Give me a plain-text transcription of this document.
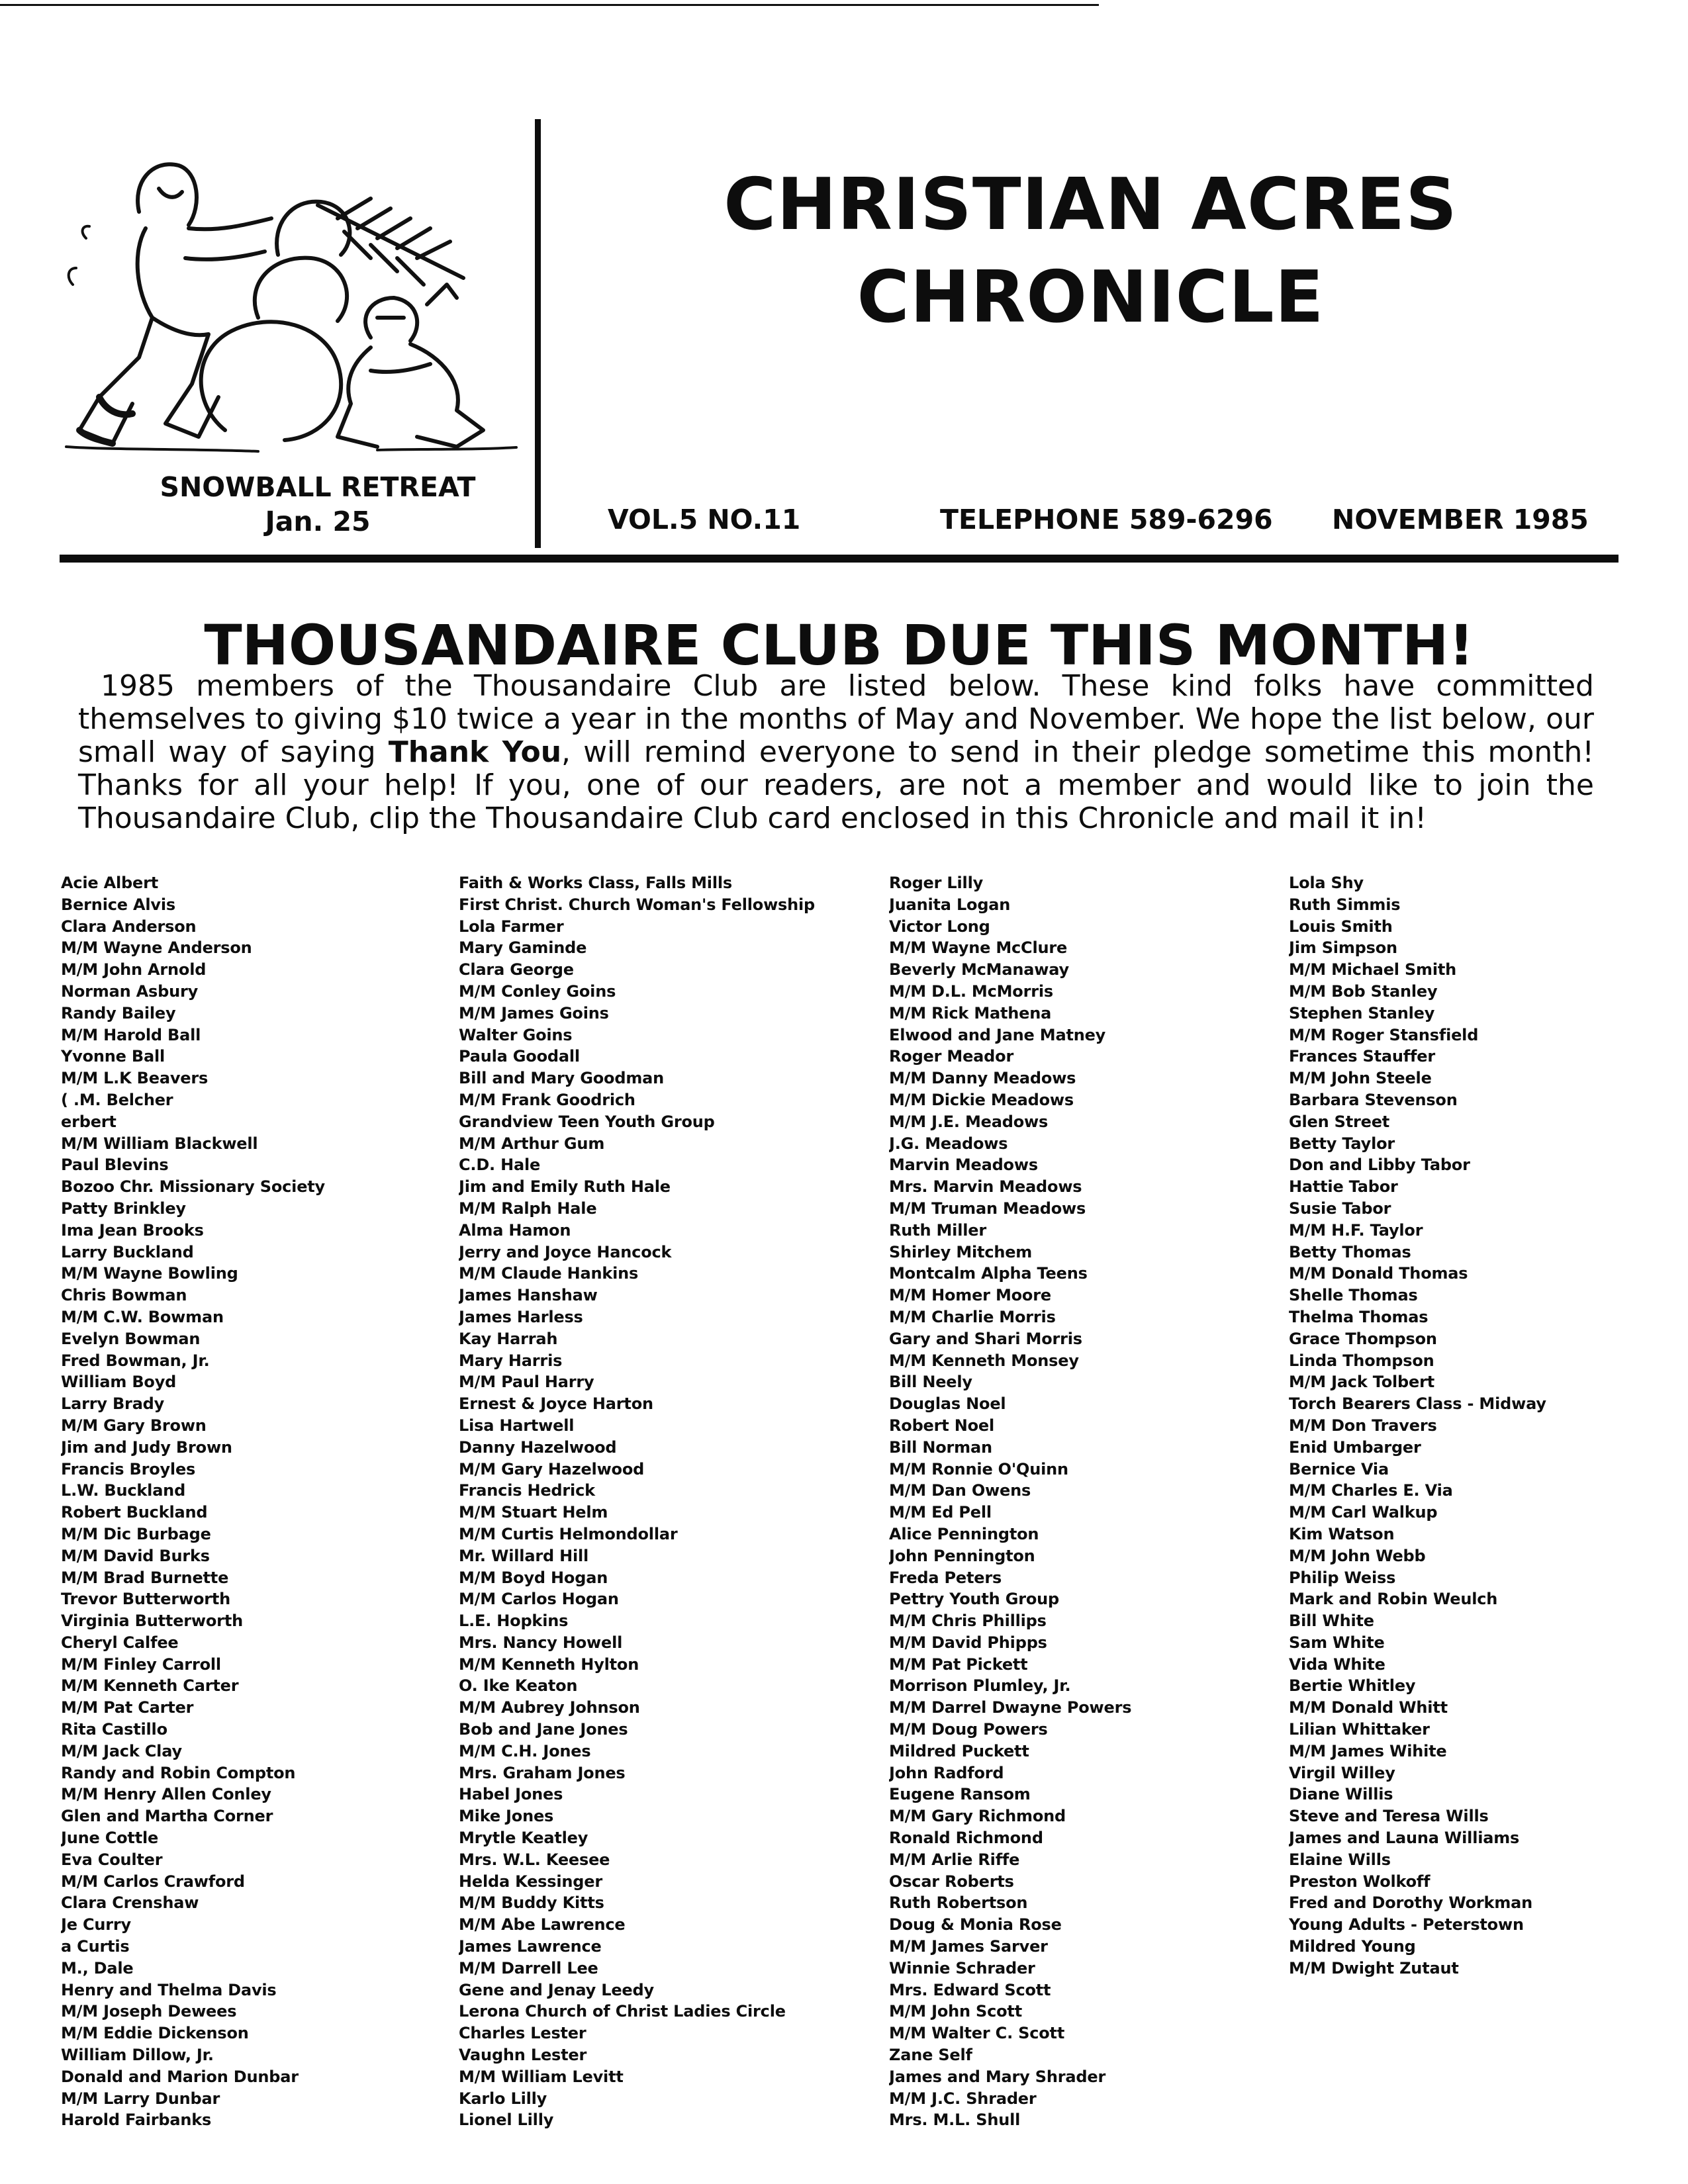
SNOWBALL RETREAT
Jan. 25
CHRISTIAN ACRES
CHRONICLE
VOL.5 NO.11	TELEPHONE 589-6296 NOVEMBER 1985
THOUSANDAIRE CLUB DUE THIS MONTH!
1985 members of the Thousandaire Club are listed below. These kind folks have committed themselves to giving $10 twice a year in the months of May and November. We hope the list below, our small way of saying Thank You, will remind everyone to send in their pledge sometime this month! Thanks for all your help! If you, one of our readers, are not a member and would like to join the Thousandaire Club, clip the Thousandaire Club card enclosed in this Chronicle and mail it in!
Acie Albert
Bernice Alvis
Clara Anderson
M/M Wayne Anderson
M/M John Arnold
Norman Asbury
Randy Bailey
M/M Harold Ball
Yvonne Ball
M/M L.K Beavers
( .M. Belcher
erbert
M/M William Blackwell
Paul Blevins
Bozoo Chr. Missionary Society
Patty Brinkley
Ima Jean Brooks
Larry Buckland
M/M Wayne Bowling
Chris Bowman
M/M C.W. Bowman
Evelyn Bowman
Fred Bowman, Jr.
William Boyd
Larry Brady
M/M Gary Brown
Jim and Judy Brown
Francis Broyles
L.W. Buckland
Robert Buckland
M/M Dic Burbage
M/M David Burks
M/M Brad Burnette
Trevor Butterworth
Virginia Butterworth
Cheryl Calfee
M/M Finley Carroll
M/M Kenneth Carter
M/M Pat Carter
Rita Castillo
M/M Jack Clay
Randy and Robin Compton
M/M Henry Allen Conley
Glen and Martha Corner
June Cottle
Eva Coulter
M/M Carlos Crawford
Clara Crenshaw
Je Curry
a Curtis
M., Dale
Henry and Thelma Davis
M/M Joseph Dewees
M/M Eddie Dickenson
William Dillow, Jr.
Donald and Marion Dunbar
M/M Larry Dunbar
Harold Fairbanks
Faith & Works Class, Falls Mills
First Christ. Church Woman's Fellowship
Lola Farmer
Mary Gaminde
Clara George
M/M Conley Goins
M/M James Goins
Walter Goins
Paula Goodall
Bill and Mary Goodman
M/M Frank Goodrich
Grandview Teen Youth Group
M/M Arthur Gum
C.D. Hale
Jim and Emily Ruth Hale
M/M Ralph Hale
Alma Hamon
Jerry and Joyce Hancock
M/M Claude Hankins
James Hanshaw
James Harless
Kay Harrah
Mary Harris
M/M Paul Harry
Ernest & Joyce Harton
Lisa Hartwell
Danny Hazelwood
M/M Gary Hazelwood
Francis Hedrick
M/M Stuart Helm
M/M Curtis Helmondollar
Mr. Willard Hill
M/M Boyd Hogan
M/M Carlos Hogan
L.E. Hopkins
Mrs. Nancy Howell
M/M Kenneth Hylton
O. Ike Keaton
M/M Aubrey Johnson
Bob and Jane Jones
M/M C.H. Jones
Mrs. Graham Jones
Habel Jones
Mike Jones
Mrytle Keatley
Mrs. W.L. Keesee
Helda Kessinger
M/M Buddy Kitts
M/M Abe Lawrence
James Lawrence
M/M Darrell Lee
Gene and Jenay Leedy
Lerona Church of Christ Ladies Circle
Charles Lester
Vaughn Lester
M/M William Levitt
Karlo Lilly
Lionel Lilly
Roger Lilly
Juanita Logan
Victor Long
M/M Wayne McClure
Beverly McManaway
M/M D.L. McMorris
M/M Rick Mathena
Elwood and Jane Matney
Roger Meador
M/M Danny Meadows
M/M Dickie Meadows
M/M J.E. Meadows
J.G. Meadows
Marvin Meadows
Mrs. Marvin Meadows
M/M Truman Meadows
Ruth Miller
Shirley Mitchem
Montcalm Alpha Teens
M/M Homer Moore
M/M Charlie Morris
Gary and Shari Morris
M/M Kenneth Monsey
Bill Neely
Douglas Noel
Robert Noel
Bill Norman
M/M Ronnie O'Quinn
M/M Dan Owens
M/M Ed Pell
Alice Pennington
John Pennington
Freda Peters
Pettry Youth Group
M/M Chris Phillips
M/M David Phipps
M/M Pat Pickett
Morrison Plumley, Jr.
M/M Darrel Dwayne Powers
M/M Doug Powers
Mildred Puckett
John Radford
Eugene Ransom
M/M Gary Richmond
Ronald Richmond
M/M Arlie Riffe
Oscar Roberts
Ruth Robertson
Doug & Monia Rose
M/M James Sarver
Winnie Schrader
Mrs. Edward Scott
M/M John Scott
M/M Walter C. Scott
Zane Self
James and Mary Shrader
M/M J.C. Shrader
Mrs. M.L. Shull
Lola Shy
Ruth Simmis
Louis Smith
Jim Simpson
M/M Michael Smith
M/M Bob Stanley
Stephen Stanley
M/M Roger Stansfield
Frances Stauffer
M/M John Steele
Barbara Stevenson
Glen Street
Betty Taylor
Don and Libby Tabor
Hattie Tabor
Susie Tabor
M/M H.F. Taylor
Betty Thomas
M/M Donald Thomas
Shelle Thomas
Thelma Thomas
Grace Thompson
Linda Thompson
M/M Jack Tolbert
Torch Bearers Class - Midway
M/M Don Travers
Enid Umbarger
Bernice Via
M/M Charles E. Via
M/M Carl Walkup
Kim Watson
M/M John Webb
Philip Weiss
Mark and Robin Weulch
Bill White
Sam White
Vida White
Bertie Whitley
M/M Donald Whitt
Lilian Whittaker
M/M James Wihite
Virgil Willey
Diane Willis
Steve and Teresa Wills
James and Launa Williams
Elaine Wills
Preston Wolkoff
Fred and Dorothy Workman
Young Adults - Peterstown
Mildred Young
M/M Dwight Zutaut
